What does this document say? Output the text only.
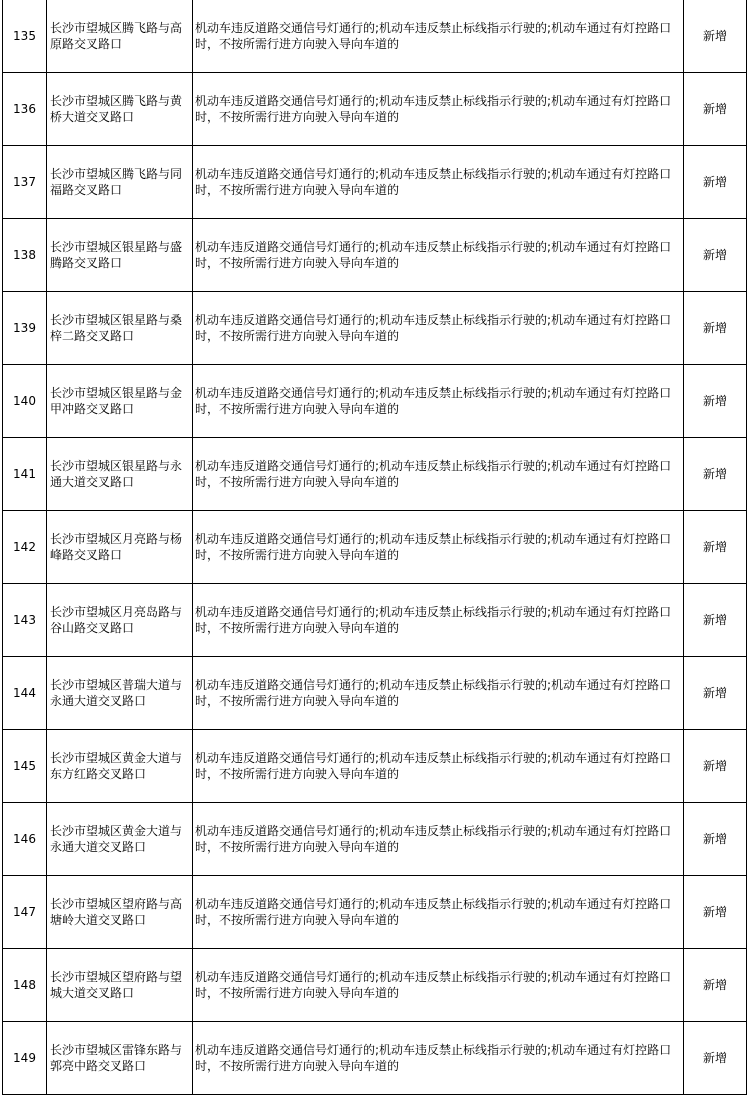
135	长沙市望城区腾飞路与高原路交叉路口	机动车违反道路交通信号灯通行的;机动车违反禁止标线指示行驶的;机动车通过有灯控路口时，不按所需行进方向驶入导向车道的	新增
136	长沙市望城区腾飞路与黄桥大道交叉路口	机动车违反道路交通信号灯通行的;机动车违反禁止标线指示行驶的;机动车通过有灯控路口时，不按所需行进方向驶入导向车道的	新增
137	长沙市望城区腾飞路与同福路交叉路口	机动车违反道路交通信号灯通行的;机动车违反禁止标线指示行驶的;机动车通过有灯控路口时，不按所需行进方向驶入导向车道的	新增
138	长沙市望城区银星路与盛腾路交叉路口	机动车违反道路交通信号灯通行的;机动车违反禁止标线指示行驶的;机动车通过有灯控路口时，不按所需行进方向驶入导向车道的	新增
139	长沙市望城区银星路与桑梓二路交叉路口	机动车违反道路交通信号灯通行的;机动车违反禁止标线指示行驶的;机动车通过有灯控路口时，不按所需行进方向驶入导向车道的	新增
140	长沙市望城区银星路与金甲冲路交叉路口	机动车违反道路交通信号灯通行的;机动车违反禁止标线指示行驶的;机动车通过有灯控路口时，不按所需行进方向驶入导向车道的	新增
141	长沙市望城区银星路与永通大道交叉路口	机动车违反道路交通信号灯通行的;机动车违反禁止标线指示行驶的;机动车通过有灯控路口时，不按所需行进方向驶入导向车道的	新增
142	长沙市望城区月亮路与杨峰路交叉路口	机动车违反道路交通信号灯通行的;机动车违反禁止标线指示行驶的;机动车通过有灯控路口时，不按所需行进方向驶入导向车道的	新增
143	长沙市望城区月亮岛路与谷山路交叉路口	机动车违反道路交通信号灯通行的;机动车违反禁止标线指示行驶的;机动车通过有灯控路口时，不按所需行进方向驶入导向车道的	新增
144	长沙市望城区普瑞大道与永通大道交叉路口	机动车违反道路交通信号灯通行的;机动车违反禁止标线指示行驶的;机动车通过有灯控路口时，不按所需行进方向驶入导向车道的	新增
145	长沙市望城区黄金大道与东方红路交叉路口	机动车违反道路交通信号灯通行的;机动车违反禁止标线指示行驶的;机动车通过有灯控路口时，不按所需行进方向驶入导向车道的	新增
146	长沙市望城区黄金大道与永通大道交叉路口	机动车违反道路交通信号灯通行的;机动车违反禁止标线指示行驶的;机动车通过有灯控路口时，不按所需行进方向驶入导向车道的	新增
147	长沙市望城区望府路与高塘岭大道交叉路口	机动车违反道路交通信号灯通行的;机动车违反禁止标线指示行驶的;机动车通过有灯控路口时，不按所需行进方向驶入导向车道的	新增
148	长沙市望城区望府路与望城大道交叉路口	机动车违反道路交通信号灯通行的;机动车违反禁止标线指示行驶的;机动车通过有灯控路口时，不按所需行进方向驶入导向车道的	新增
149	长沙市望城区雷锋东路与郭亮中路交叉路口	机动车违反道路交通信号灯通行的;机动车违反禁止标线指示行驶的;机动车通过有灯控路口时，不按所需行进方向驶入导向车道的	新增
